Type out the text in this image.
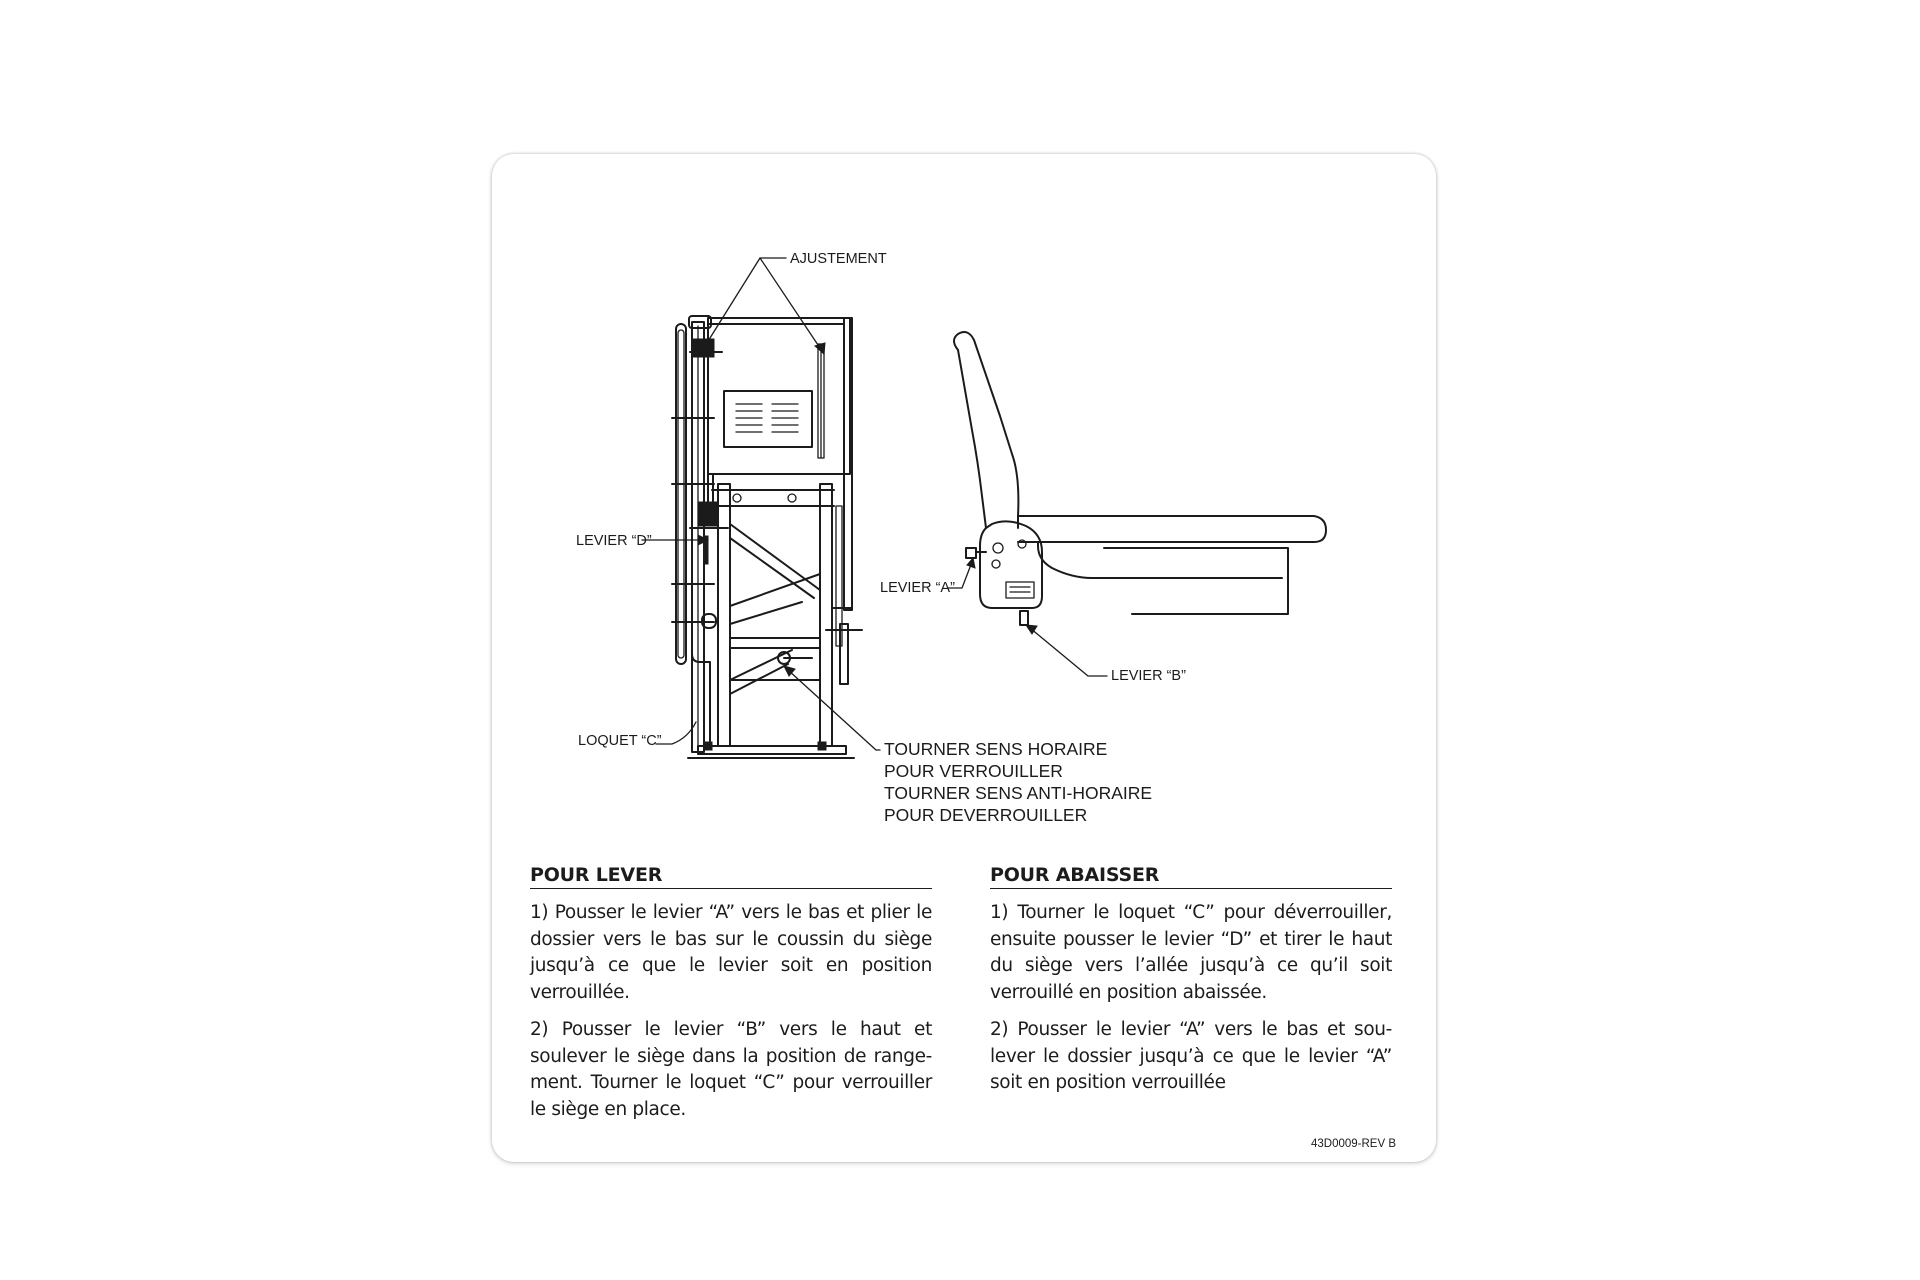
AJUSTEMENT
LEVIER “D”
LOQUET “C”	TOURNER SENS HORAIRE
POUR VERROUILLER
TOURNER SENS ANTI-HORAIRE
POUR DEVERROUILLER
LEVIER “A”
LEVIER “B”
POUR LEVER

1) Pousser le levier “A” vers le bas et plier le dossier vers le bas sur le coussin du siège jusqu’à ce que le levier soit en position verrouillée.

2) Pousser le levier “B” vers le haut et soulever le siège dans la position de range-ment. Tourner le loquet “C” pour verrouiller le siège en place.

POUR ABAISSER

1) Tourner le loquet “C” pour déverrouiller, ensuite pousser le levier “D” et tirer le haut du siège vers l’allée jusqu’à ce qu’il soit verrouillé en position abaissée.

2) Pousser le levier “A” vers le bas et sou-lever le dossier jusqu’à ce que le levier “A” soit en position verrouillée

43D0009-REV B
